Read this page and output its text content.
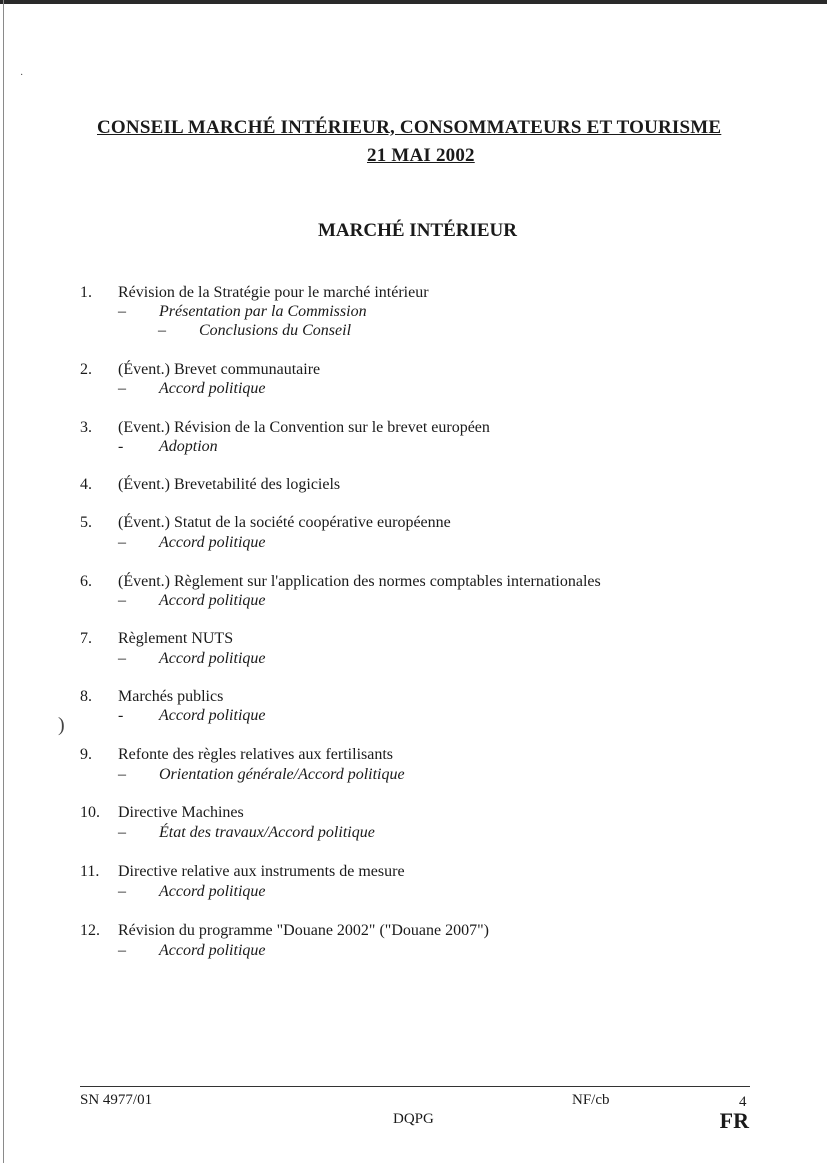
·
)
CONSEIL MARCHÉ INTÉRIEUR, CONSOMMATEURS ET TOURISME
21 MAI 2002
MARCHÉ INTÉRIEUR
1. Révision de la Stratégie pour le marché intérieur
– Présentation par la Commission
– Conclusions du Conseil
2. (Évent.) Brevet communautaire
– Accord politique
3. (Event.) Révision de la Convention sur le brevet européen
- Adoption
4. (Évent.) Brevetabilité des logiciels
5. (Évent.) Statut de la société coopérative européenne
– Accord politique
6. (Évent.) Règlement sur l'application des normes comptables internationales
– Accord politique
7. Règlement NUTS
– Accord politique
8. Marchés publics
- Accord politique
9. Refonte des règles relatives aux fertilisants
– Orientation générale/Accord politique
10. Directive Machines
– État des travaux/Accord politique
11. Directive relative aux instruments de mesure
– Accord politique
12. Révision du programme "Douane 2002" ("Douane 2007")
– Accord politique
SN 4977/01	NF/cb	4
DQPG	FR
